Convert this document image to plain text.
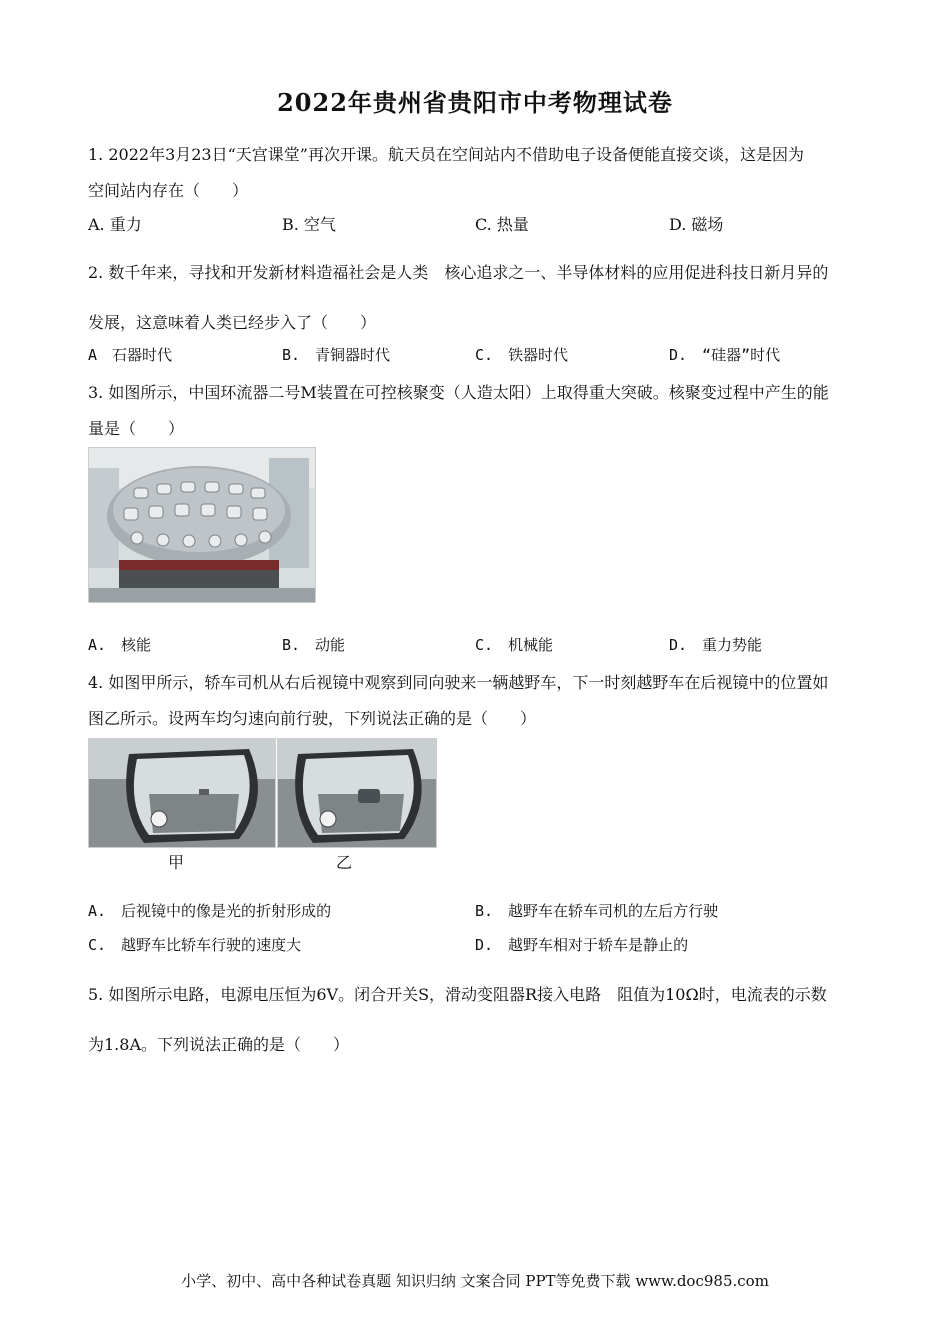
2022年贵州省贵阳市中考物理试卷
1. 2022年3月23日“天宫课堂”再次开课。航天员在空间站内不借助电子设备便能直接交谈，这是因为
空间站内存在（　　）
A. 重力	B. 空气	C. 热量	D. 磁场
2. 数千年来，寻找和开发新材料造福社会是人类　核心追求之一、半导体材料的应用促进科技日新月异的
发展，这意味着人类已经步入了（　　）
A　石器时代	B.　青铜器时代	C.　铁器时代	D.　“硅器”时代
3. 如图所示，中国环流器二号M装置在可控核聚变（人造太阳）上取得重大突破。核聚变过程中产生的能
量是（　　）
A.　核能	B.　动能	C.　机械能	D.　重力势能
4. 如图甲所示，轿车司机从右后视镜中观察到同向驶来一辆越野车，下一时刻越野车在后视镜中的位置如
图乙所示。设两车均匀速向前行驶，下列说法正确的是（　　）
甲	乙
A.　后视镜中的像是光的折射形成的	B.　越野车在轿车司机的左后方行驶
C.　越野车比轿车行驶的速度大	D.　越野车相对于轿车是静止的
5. 如图所示电路，电源电压恒为6V。闭合开关S，滑动变阻器R接入电路　阻值为10Ω时，电流表的示数
为1.8A。下列说法正确的是（　　）
小学、初中、高中各种试卷真题 知识归纳 文案合同 PPT等免费下载 www.doc985.com
